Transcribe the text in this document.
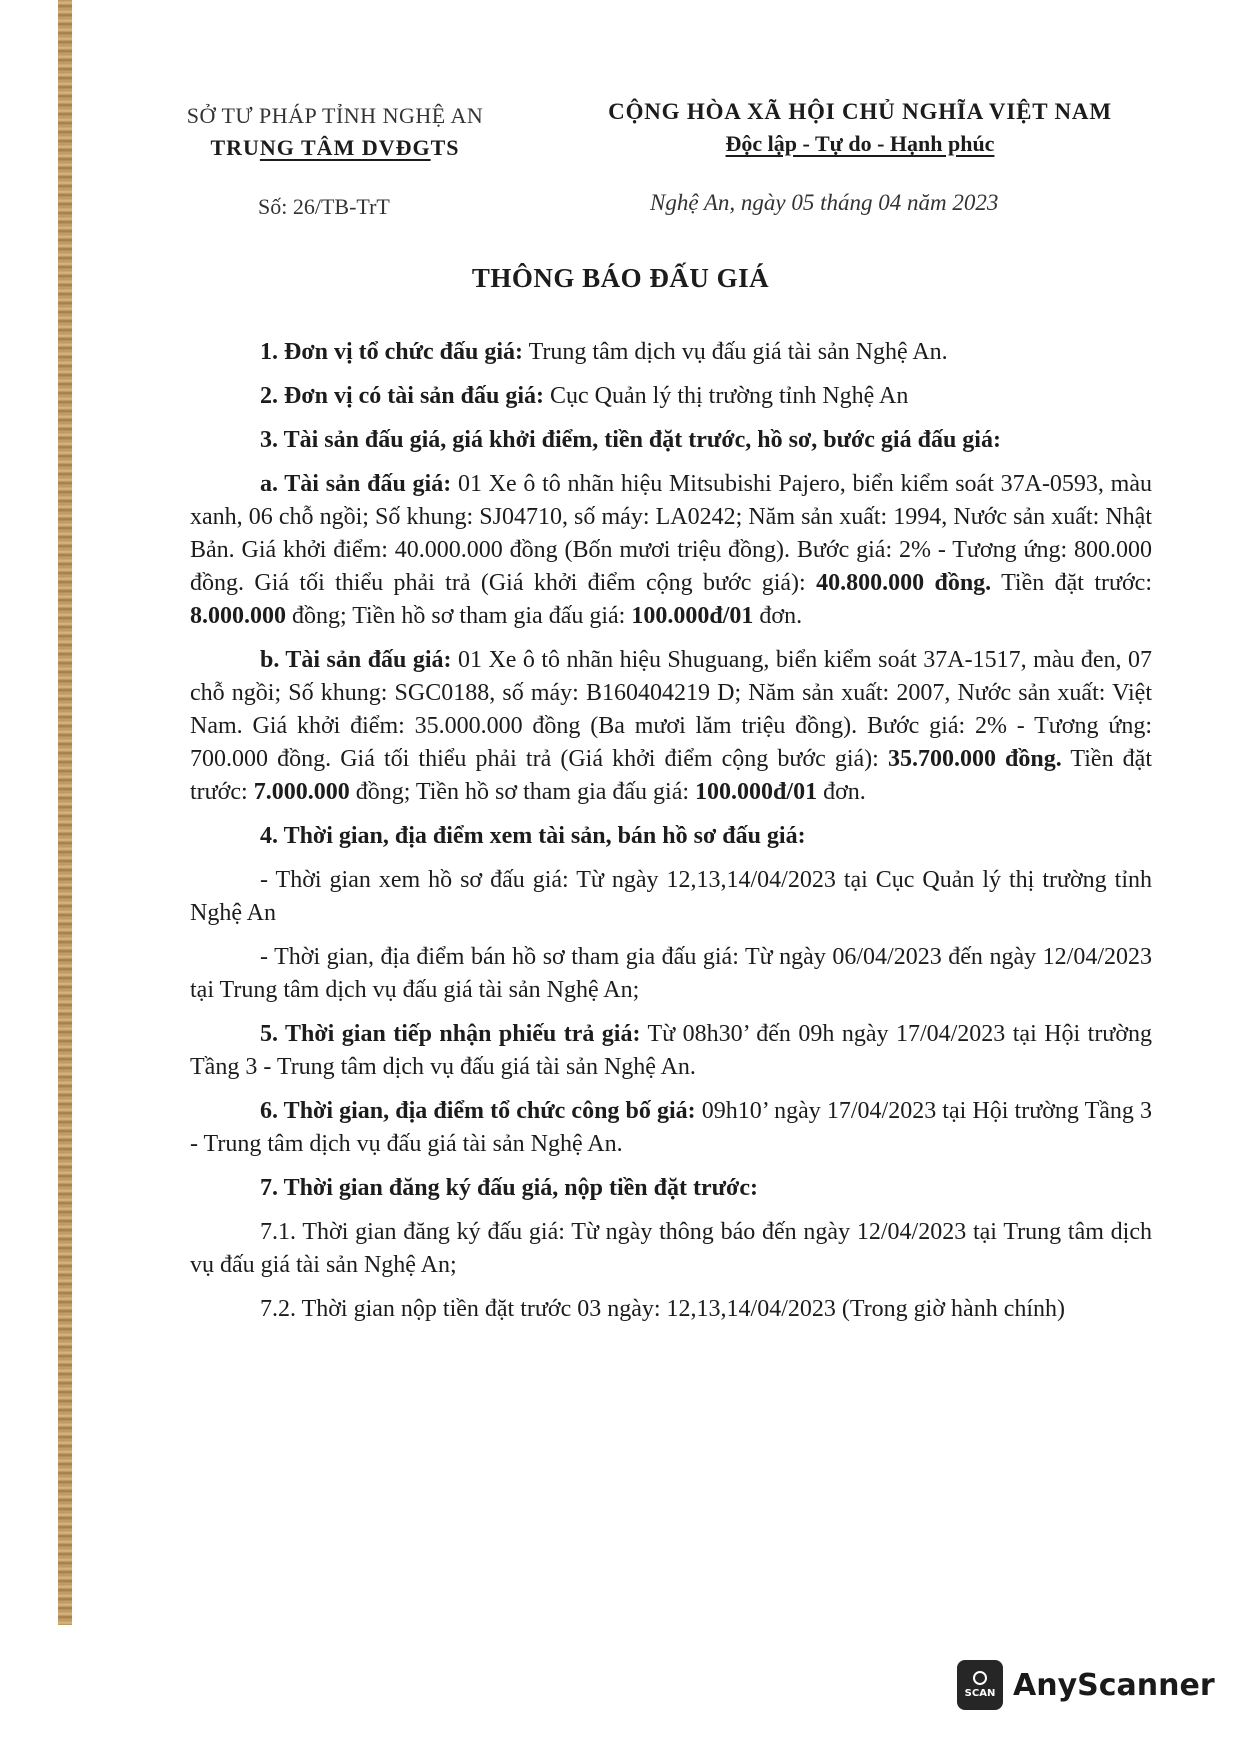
SỞ TƯ PHÁP TỈNH NGHỆ AN
TRUNG TÂM DVĐGTS
CỘNG HÒA XÃ HỘI CHỦ NGHĨA VIỆT NAM
Độc lập - Tự do - Hạnh phúc
Số: 26/TB-TrT	Nghệ An, ngày 05 tháng 04 năm 2023
THÔNG BÁO ĐẤU GIÁ

1. Đơn vị tổ chức đấu giá: Trung tâm dịch vụ đấu giá tài sản Nghệ An.

2. Đơn vị có tài sản đấu giá: Cục Quản lý thị trường tỉnh Nghệ An

3. Tài sản đấu giá, giá khởi điểm, tiền đặt trước, hồ sơ, bước giá đấu giá:

a. Tài sản đấu giá: 01 Xe ô tô nhãn hiệu Mitsubishi Pajero, biển kiểm soát 37A-0593, màu xanh, 06 chỗ ngồi; Số khung: SJ04710, số máy: LA0242; Năm sản xuất: 1994, Nước sản xuất: Nhật Bản. Giá khởi điểm: 40.000.000 đồng (Bốn mươi triệu đồng). Bước giá: 2% - Tương ứng: 800.000 đồng. Giá tối thiểu phải trả (Giá khởi điểm cộng bước giá): 40.800.000 đồng. Tiền đặt trước: 8.000.000 đồng; Tiền hồ sơ tham gia đấu giá: 100.000đ/01 đơn.

b. Tài sản đấu giá: 01 Xe ô tô nhãn hiệu Shuguang, biển kiểm soát 37A-1517, màu đen, 07 chỗ ngồi; Số khung: SGC0188, số máy: B160404219 D; Năm sản xuất: 2007, Nước sản xuất: Việt Nam. Giá khởi điểm: 35.000.000 đồng (Ba mươi lăm triệu đồng). Bước giá: 2% - Tương ứng: 700.000 đồng. Giá tối thiểu phải trả (Giá khởi điểm cộng bước giá): 35.700.000 đồng. Tiền đặt trước: 7.000.000 đồng; Tiền hồ sơ tham gia đấu giá: 100.000đ/01 đơn.

4. Thời gian, địa điểm xem tài sản, bán hồ sơ đấu giá:

- Thời gian xem hồ sơ đấu giá: Từ ngày 12,13,14/04/2023 tại Cục Quản lý thị trường tỉnh Nghệ An

- Thời gian, địa điểm bán hồ sơ tham gia đấu giá: Từ ngày 06/04/2023 đến ngày 12/04/2023 tại Trung tâm dịch vụ đấu giá tài sản Nghệ An;

5. Thời gian tiếp nhận phiếu trả giá: Từ 08h30’ đến 09h ngày 17/04/2023 tại Hội trường Tầng 3 - Trung tâm dịch vụ đấu giá tài sản Nghệ An.

6. Thời gian, địa điểm tổ chức công bố giá: 09h10’ ngày 17/04/2023 tại Hội trường Tầng 3 - Trung tâm dịch vụ đấu giá tài sản Nghệ An.

7. Thời gian đăng ký đấu giá, nộp tiền đặt trước:

7.1. Thời gian đăng ký đấu giá: Từ ngày thông báo đến ngày 12/04/2023 tại Trung tâm dịch vụ đấu giá tài sản Nghệ An;

7.2. Thời gian nộp tiền đặt trước 03 ngày: 12,13,14/04/2023 (Trong giờ hành chính)

SCAN AnyScanner
